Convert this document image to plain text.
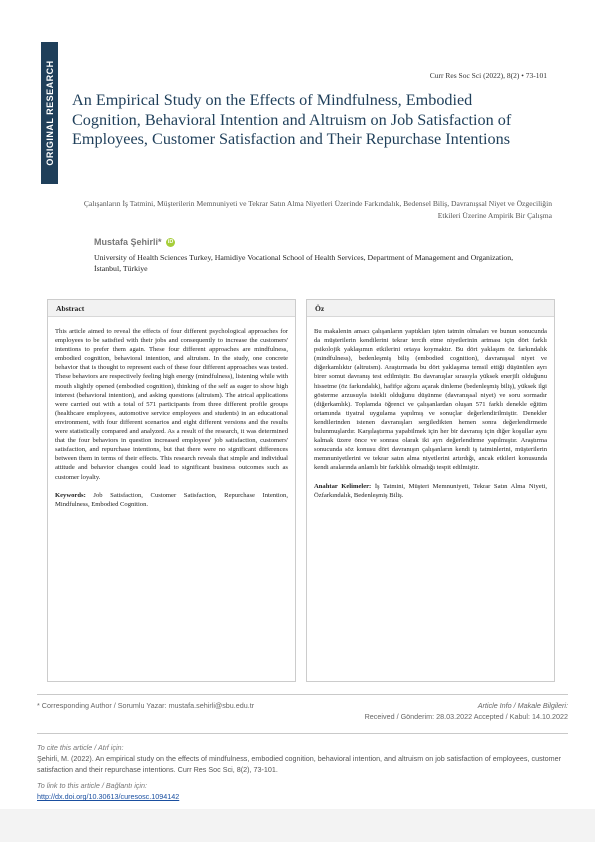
ORIGINAL RESEARCH	Curr Res Soc Sci (2022), 8(2) • 73-101
An Empirical Study on the Effects of Mindfulness, Embodied Cognition, Behavioral Intention and Altruism on Job Satisfaction of Employees, Customer Satisfaction and Their Repurchase Intentions

Çalışanların İş Tatmini, Müşterilerin Memnuniyeti ve Tekrar Satın Alma Niyetleri Üzerinde Farkındalık, Bedensel Biliş, Davranışsal Niyet ve Özgeciliğin Etkileri Üzerine Ampirik Bir Çalışma

Mustafa Şehirli* iD
University of Health Sciences Turkey, Hamidiye Vocational School of Health Services, Department of Management and Organization, İstanbul, Türkiye
Abstract

This article aimed to reveal the effects of four different psychological approaches for employees to be satisfied with their jobs and consequently to increase the customers' intentions to prefer them again. These four different approaches are mindfulness, embodied cognition, behavioral intention, and altruism. In the study, one concrete behavior that is thought to represent each of these four different approaches was tested. These behaviors are respectively feeling high energy (mindfulness), listening while with mouth slightly opened (embodied cognition), thinking of the self as eager to show high interest (behavioral intention), and asking questions (altruism). The atrical applications were carried out with a total of 571 participants from three different profile groups (healthcare employees, automotive service employees and students) in an educational environment, with four different scenarios and eight different versions and the results were statistically compared and analyzed. As a result of the research, it was determined that the four behaviors in question increased employees' job satisfaction, customers' satisfaction, and repurchase intentions, but that there were no significant differences between them in terms of their effects. This research reveals that simple and individual attitude and behavior changes could lead to significant business outcomes such as customer loyalty.

Keywords: Job Satisfaction, Customer Satisfaction, Repurchase Intention, Mindfulness, Embodied Cognition.

Öz

Bu makalenin amacı çalışanların yaptıkları işten tatmin olmaları ve bunun sonucunda da müşterilerin kendilerini tekrar tercih etme niyetlerinin artması için dört farklı psikolojik yaklaşımın etkilerini ortaya koymaktır. Bu dört yaklaşım öz farkındalık (mindfulness), bedenleşmiş biliş (embodied cognition), davranışsal niyet ve diğerkamlıktır (altruism). Araştırmada bu dört yaklaşıma temsil ettiği düşünülen ayrı birer somut davranış test edilmiştir. Bu davranışlar sırasıyla yüksek enerjili olduğunu hissetme (öz farkındalık), hafifçe ağzını açarak dinleme (bedenleşmiş biliş), yüksek ilgi gösterme arzusuyla istekli olduğunu düşünme (davranışsal niyet) ve soru sormadır (diğerkamlık). Toplamda öğrenci ve çalışanlardan oluşan 571 farklı denekle eğitim ortamında tiyatral uygulama yapılmış ve sonuçlar değerlendirilmiştir. Denekler kendilerinden istenen davranışları sergiledikten hemen sonra değerlendirmede bulunmuşlardır. Karşılaştırma yapabilmek için her bir davranış için diğer koşullar aynı kalmak üzere önce ve sonrası olarak iki ayrı değerlendirme yapılmıştır. Araştırma sonucunda söz konusu dört davranışın çalışanların kendi iş tatminlerini, müşterilerin memnuniyetlerini ve tekrar satın alma niyetlerini artırdığı, ancak etkileri konusunda kendi aralarında anlamlı bir farklılık olmadığı tespit edilmiştir.

Anahtar Kelimeler: İş Tatmini, Müşteri Memnuniyeti, Tekrar Satın Alma Niyeti, Özfarkındalık, Bedenleşmiş Biliş.

* Corresponding Author / Sorumlu Yazar: mustafa.sehirli@sbu.edu.tr	Article Info / Makale Bilgileri:
Received / Gönderim: 28.03.2022 Accepted / Kabul: 14.10.2022
To cite this article / Atıf için:
Şehirli, M. (2022). An empirical study on the effects of mindfulness, embodied cognition, behavioral intention, and altruism on job satisfaction of employees, customer satisfaction and their repurchase intentions. Curr Res Soc Sci, 8(2), 73-101.
To link to this article / Bağlantı için:
http://dx.doi.org/10.30613/curesosc.1094142
